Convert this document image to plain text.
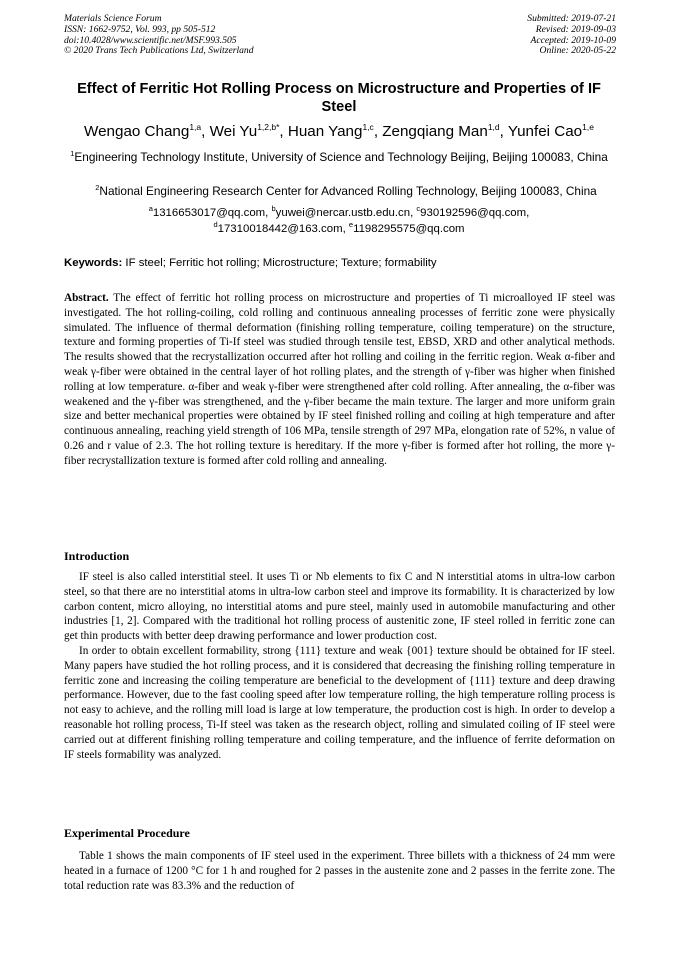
Materials Science Forum
ISSN: 1662-9752, Vol. 993, pp 505-512
doi:10.4028/www.scientific.net/MSF.993.505
© 2020 Trans Tech Publications Ltd, Switzerland
Submitted: 2019-07-21
Revised: 2019-09-03
Accepted: 2019-10-09
Online: 2020-05-22
Effect of Ferritic Hot Rolling Process on Microstructure and Properties of IF Steel
Wengao Chang$^{1,a}$, Wei $Yu^{1,2,b*}$, Huan Yang$^{1,c}$, Zengqiang Man$^{1,d}$, Yunfei Cao$^{1,e}$
$^1$Engineering Technology Institute, University of Science and Technology Beijing, Beijing 100083, China
$^2$National Engineering Research Center for Advanced Rolling Technology, Beijing 100083, China
$^a$1316653017@qq.com, $^b$yuwei@nercar.ustb.edu.cn, $^c$930192596@qq.com,
$^d$17310018442@163.com, $^e$1198295575@qq.com
Keywords: IF steel; Ferritic hot rolling; Microstructure; Texture; formability
Abstract. The effect of ferritic hot rolling process on microstructure and properties of Ti microalloyed IF steel was investigated. The hot rolling-coiling, cold rolling and continuous annealing processes of ferritic zone were physically simulated. The influence of thermal deformation (finishing rolling temperature, coiling temperature) on the structure, texture and forming properties of Ti-If steel was studied through tensile test, EBSD, XRD and other analytical methods. The results showed that the recrystallization occurred after hot rolling and coiling in the ferritic region. Weak α-fiber and weak γ-fiber were obtained in the central layer of hot rolling plates, and the strength of γ-fiber was higher when finished rolling at low temperature. α-fiber and weak γ-fiber were strengthened after cold rolling. After annealing, the α-fiber was weakened and the γ-fiber was strengthened, and the γ-fiber became the main texture. The larger and more uniform grain size and better mechanical properties were obtained by IF steel finished rolling and coiling at high temperature and after continuous annealing, reaching yield strength of 106 MPa, tensile strength of 297 MPa, elongation rate of 52%, n value of 0.26 and r value of 2.3. The hot rolling texture is hereditary. If the more γ-fiber is formed after hot rolling, the more γ-fiber recrystallization texture is formed after cold rolling and annealing.
Introduction

IF steel is also called interstitial steel. It uses Ti or Nb elements to fix C and N interstitial atoms in ultra-low carbon steel, so that there are no interstitial atoms in ultra-low carbon steel and improve its formability. It is characterized by low carbon content, micro alloying, no interstitial atoms and pure steel, mainly used in automobile manufacturing and other industries [1, 2]. Compared with the traditional hot rolling process of austenitic zone, IF steel rolled in ferritic zone can get thin products with better deep drawing performance and lower production cost.

In order to obtain excellent formability, strong {111} texture and weak {001} texture should be obtained for IF steel. Many papers have studied the hot rolling process, and it is considered that decreasing the finishing rolling temperature in ferritic zone and increasing the coiling temperature are beneficial to the development of {111} texture and deep drawing performance. However, due to the fast cooling speed after low temperature rolling, the high temperature rolling process is not easy to achieve, and the rolling mill load is large at low temperature, the production cost is high. In order to develop a reasonable hot rolling process, Ti-If steel was taken as the research object, rolling and simulated coiling of IF steel were carried out at different finishing rolling temperature and coiling temperature, and the influence of ferrite deformation on IF steels formability was analyzed.

Experimental Procedure

Table 1 shows the main components of IF steel used in the experiment. Three billets with a thickness of 24 mm were heated in a furnace of 1200 °C for 1 h and roughed for 2 passes in the austenite zone and 2 passes in the ferrite zone. The total reduction rate was 83.3% and the reduction of
